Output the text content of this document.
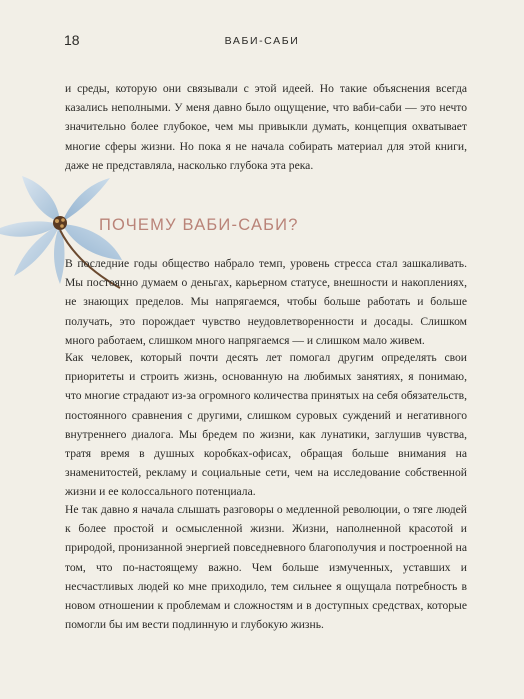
18	ВАБИ-САБИ

и среды, которую они связывали с этой идеей. Но такие объяснения всегда казались неполными. У меня давно было ощущение, что ваби-саби — это нечто значительно более глубокое, чем мы привыкли думать, концепция охватывает многие сферы жизни. Но пока я не начала собирать материал для этой книги, даже не представляла, насколько глубока эта река.

ПОЧЕМУ ВАБИ-САБИ?

В последние годы общество набрало темп, уровень стресса стал зашкаливать. Мы постоянно думаем о деньгах, карьерном статусе, внешности и накоплениях, не знающих пределов. Мы напрягаемся, чтобы больше работать и больше получать, это порождает чувство неудовлетворенности и досады. Слишком много работаем, слишком много напрягаемся — и слишком мало живем.

Как человек, который почти десять лет помогал другим определять свои приоритеты и строить жизнь, основанную на любимых занятиях, я понимаю, что многие страдают из-за огромного количества принятых на себя обязательств, постоянного сравнения с другими, слишком суровых суждений и негативного внутреннего диалога. Мы бредем по жизни, как лунатики, заглушив чувства, тратя время в душных коробках-офисах, обращая больше внимания на знаменитостей, рекламу и социальные сети, чем на исследование собственной жизни и ее колоссального потенциала.

Не так давно я начала слышать разговоры о медленной революции, о тяге людей к более простой и осмысленной жизни. Жизни, наполненной красотой и природой, пронизанной энергией повседневного благополучия и построенной на том, что по-настоящему важно. Чем больше измученных, уставших и несчастливых людей ко мне приходило, тем сильнее я ощущала потребность в новом отношении к проблемам и сложностям и в доступных средствах, которые помогли бы им вести подлинную и глубокую жизнь.
